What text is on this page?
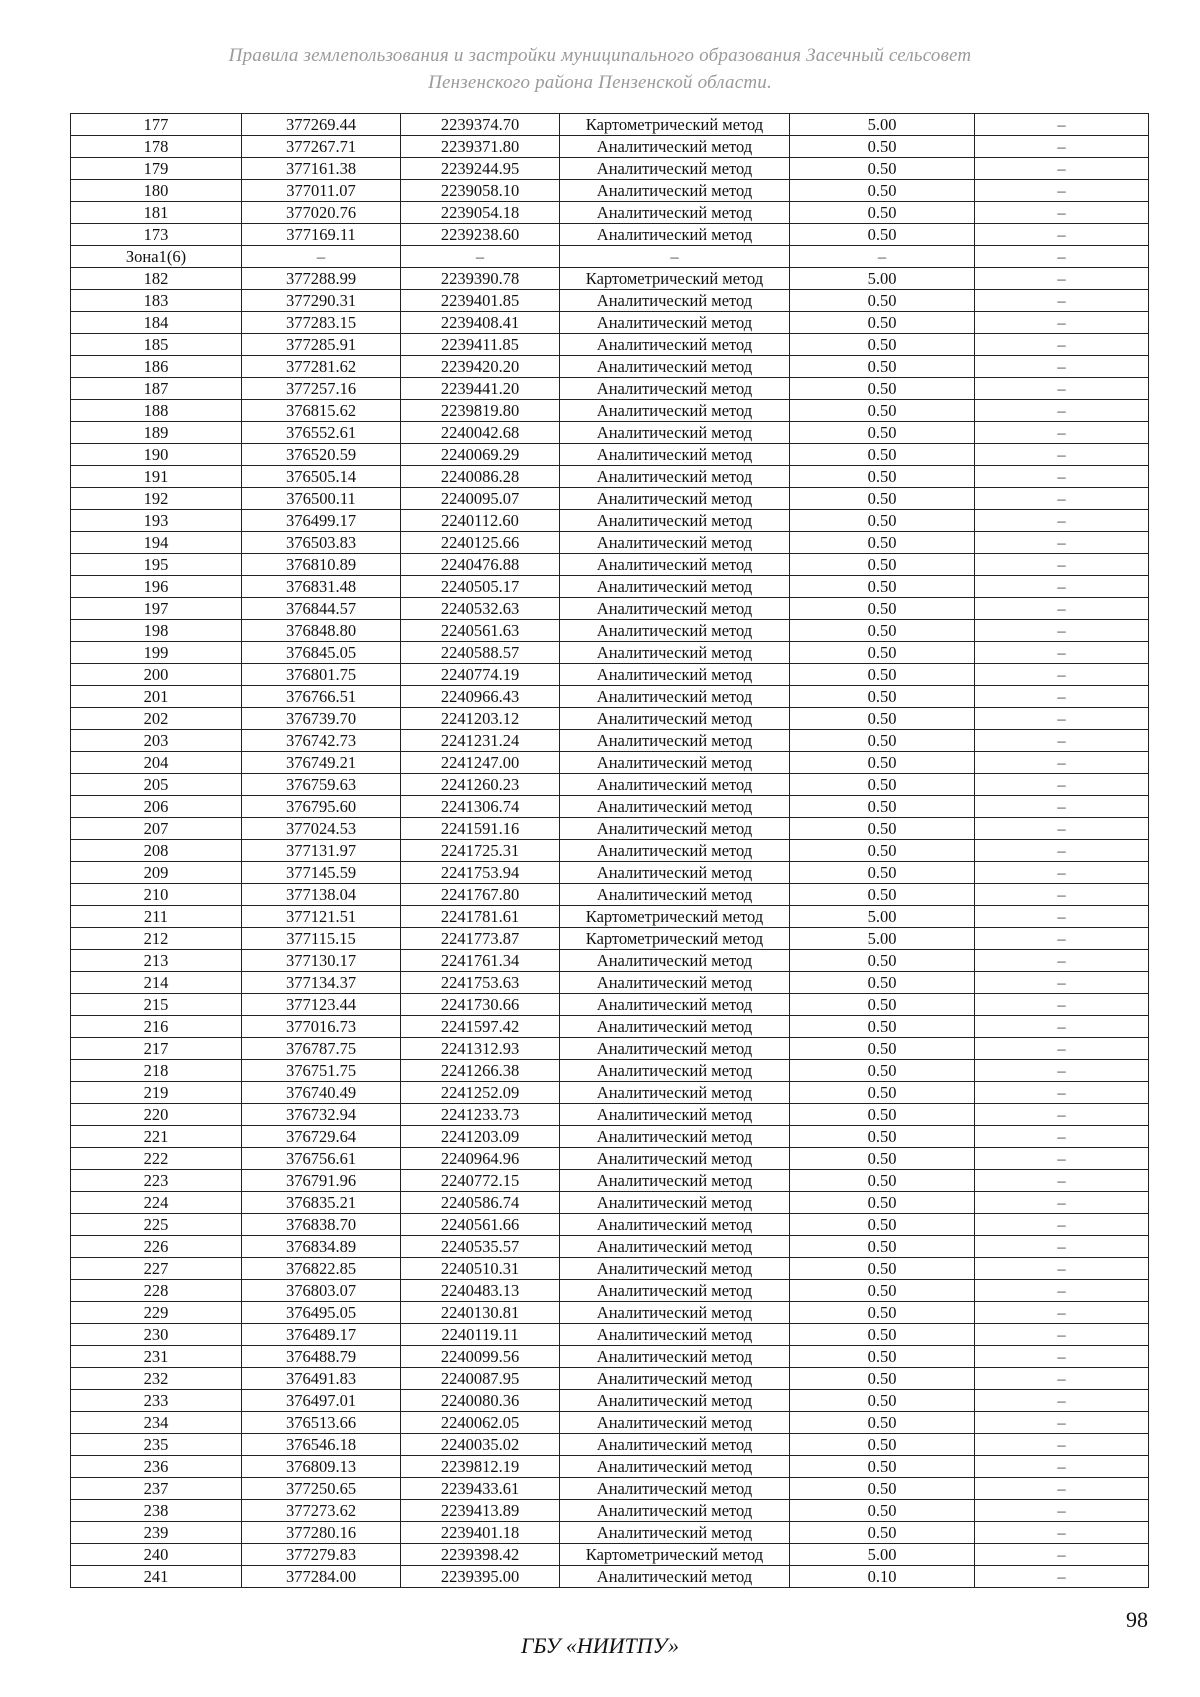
Правила землепользования и застройки муниципального образования Засечный сельсовет
Пензенского района Пензенской области.
177	377269.44	2239374.70	Картометрический метод	5.00	–
178	377267.71	2239371.80	Аналитический метод	0.50	–
179	377161.38	2239244.95	Аналитический метод	0.50	–
180	377011.07	2239058.10	Аналитический метод	0.50	–
181	377020.76	2239054.18	Аналитический метод	0.50	–
173	377169.11	2239238.60	Аналитический метод	0.50	–
Зона1(6)	–	–	–	–	–
182	377288.99	2239390.78	Картометрический метод	5.00	–
183	377290.31	2239401.85	Аналитический метод	0.50	–
184	377283.15	2239408.41	Аналитический метод	0.50	–
185	377285.91	2239411.85	Аналитический метод	0.50	–
186	377281.62	2239420.20	Аналитический метод	0.50	–
187	377257.16	2239441.20	Аналитический метод	0.50	–
188	376815.62	2239819.80	Аналитический метод	0.50	–
189	376552.61	2240042.68	Аналитический метод	0.50	–
190	376520.59	2240069.29	Аналитический метод	0.50	–
191	376505.14	2240086.28	Аналитический метод	0.50	–
192	376500.11	2240095.07	Аналитический метод	0.50	–
193	376499.17	2240112.60	Аналитический метод	0.50	–
194	376503.83	2240125.66	Аналитический метод	0.50	–
195	376810.89	2240476.88	Аналитический метод	0.50	–
196	376831.48	2240505.17	Аналитический метод	0.50	–
197	376844.57	2240532.63	Аналитический метод	0.50	–
198	376848.80	2240561.63	Аналитический метод	0.50	–
199	376845.05	2240588.57	Аналитический метод	0.50	–
200	376801.75	2240774.19	Аналитический метод	0.50	–
201	376766.51	2240966.43	Аналитический метод	0.50	–
202	376739.70	2241203.12	Аналитический метод	0.50	–
203	376742.73	2241231.24	Аналитический метод	0.50	–
204	376749.21	2241247.00	Аналитический метод	0.50	–
205	376759.63	2241260.23	Аналитический метод	0.50	–
206	376795.60	2241306.74	Аналитический метод	0.50	–
207	377024.53	2241591.16	Аналитический метод	0.50	–
208	377131.97	2241725.31	Аналитический метод	0.50	–
209	377145.59	2241753.94	Аналитический метод	0.50	–
210	377138.04	2241767.80	Аналитический метод	0.50	–
211	377121.51	2241781.61	Картометрический метод	5.00	–
212	377115.15	2241773.87	Картометрический метод	5.00	–
213	377130.17	2241761.34	Аналитический метод	0.50	–
214	377134.37	2241753.63	Аналитический метод	0.50	–
215	377123.44	2241730.66	Аналитический метод	0.50	–
216	377016.73	2241597.42	Аналитический метод	0.50	–
217	376787.75	2241312.93	Аналитический метод	0.50	–
218	376751.75	2241266.38	Аналитический метод	0.50	–
219	376740.49	2241252.09	Аналитический метод	0.50	–
220	376732.94	2241233.73	Аналитический метод	0.50	–
221	376729.64	2241203.09	Аналитический метод	0.50	–
222	376756.61	2240964.96	Аналитический метод	0.50	–
223	376791.96	2240772.15	Аналитический метод	0.50	–
224	376835.21	2240586.74	Аналитический метод	0.50	–
225	376838.70	2240561.66	Аналитический метод	0.50	–
226	376834.89	2240535.57	Аналитический метод	0.50	–
227	376822.85	2240510.31	Аналитический метод	0.50	–
228	376803.07	2240483.13	Аналитический метод	0.50	–
229	376495.05	2240130.81	Аналитический метод	0.50	–
230	376489.17	2240119.11	Аналитический метод	0.50	–
231	376488.79	2240099.56	Аналитический метод	0.50	–
232	376491.83	2240087.95	Аналитический метод	0.50	–
233	376497.01	2240080.36	Аналитический метод	0.50	–
234	376513.66	2240062.05	Аналитический метод	0.50	–
235	376546.18	2240035.02	Аналитический метод	0.50	–
236	376809.13	2239812.19	Аналитический метод	0.50	–
237	377250.65	2239433.61	Аналитический метод	0.50	–
238	377273.62	2239413.89	Аналитический метод	0.50	–
239	377280.16	2239401.18	Аналитический метод	0.50	–
240	377279.83	2239398.42	Картометрический метод	5.00	–
241	377284.00	2239395.00	Аналитический метод	0.10	–
98
ГБУ «НИИТПУ»
